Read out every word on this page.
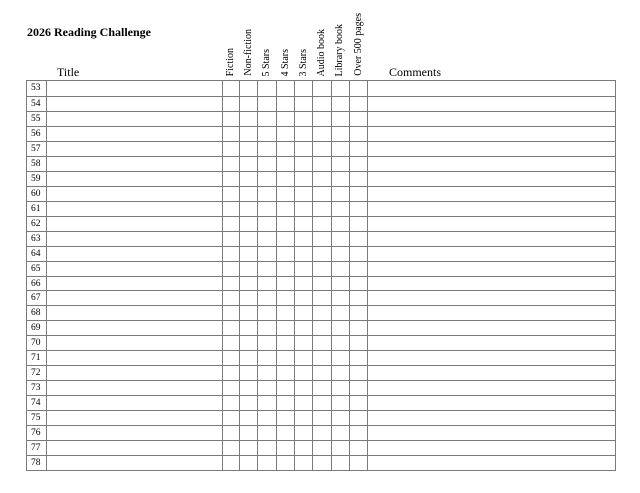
2026 Reading Challenge
Title	Comments
Fiction Non-fiction 5 Stars 4 Stars 3 Stars Audio book Library book Over 500 pages
78
77
76
75
74
73
72
71
70
69
68
67
66
65
64
63
62
61
60
59
58
57
56
55
54
53
